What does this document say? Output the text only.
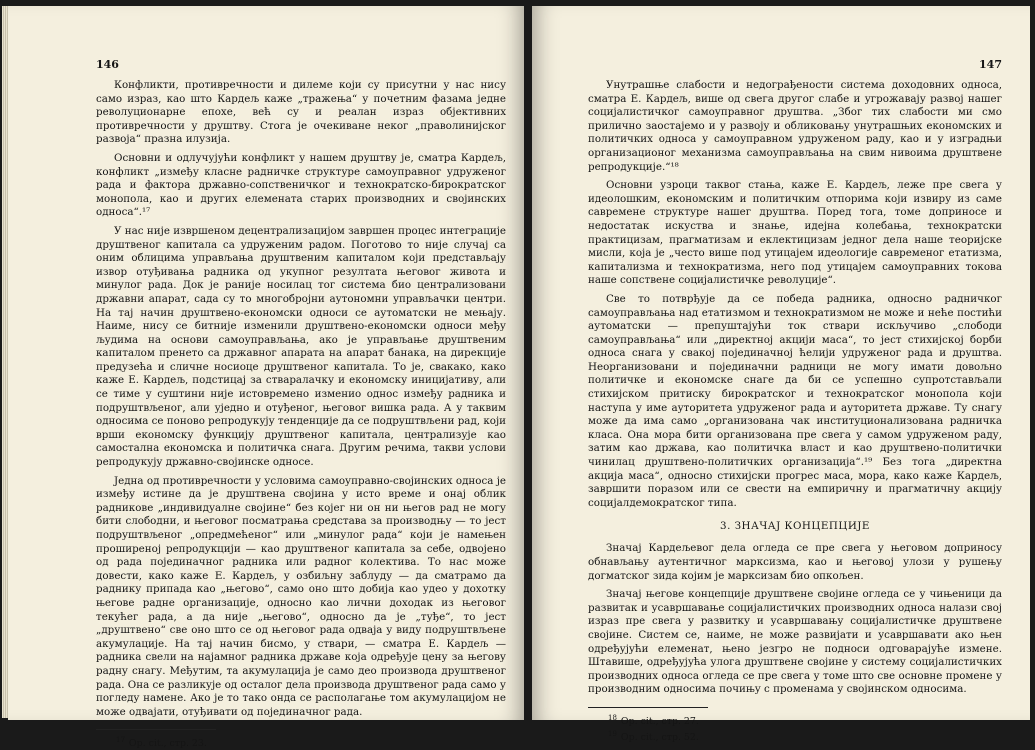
146

Конфликти, противречности и дилеме који су присутни у нас нису само израз, као што Кардељ каже „тражења“ у почетним фазама једне револуционарне епохе, већ су и реалан израз објективних противречности у друштву. Стога је очекиване неког „праволинијског развоја“ празна илузија.

Основни и одлучујући конфликт у нашем друштву је, сматра Кардељ, конфликт „између класне радничке структуре самоуправног удруженог рада и фактора државно-сопственичког и технократско-бирократског монопола, као и других елемената старих производних и својинских односа“.¹⁷

У нас није извршеном децентрализацијом завршен процес интеграције друштвеног капитала са удруженим радом. Поготово то није случај са оним облицима управљања друштвеним капиталом који представљају извор отуђивања радника од укупног резултата његовог живота и минулог рада. Док је раније носилац тог система био централизовани државни апарат, сада су то многобројни аутономни управљачки центри. На тај начин друштвено-економски односи се аутоматски не мењају. Наиме, нису се битније изменили друштвено-економски односи међу људима на основи самоуправљања, ако је управљање друштвеним капиталом пренето са државног апарата на апарат банака, на дирекције предузећа и сличне носиоце друштвеног капитала. То је, свакако, како каже Е. Кардељ, подстицај за стваралачку и економску иницијативу, али се тиме у суштини није истовремено изменио однос између радника и подруштвљеног, али уједно и отуђеног, његовог вишка рада. А у таквим односима се поново репродукују тенденције да се подруштвљени рад, који врши економску функцију друштвеног капитала, централизује као самостална економска и политичка снага. Другим речима, такви услови репродукују државно-својинске односе.

Једна од противречности у условима самоуправно-својинских односа је између истине да је друштвена својина у исто време и онај облик радниковe „индивидуалне својине“ без којег ни он ни његов рад не могу бити слободни, и његовог посматрања средстава за производњу — то јест подруштвљеног „опредмећеног“ или „минулог рада“ који је намењен проширеној репродукцији — као друштвеног капитала за себе, одвојено од рада појединачног радника или радног колектива. То нас може довести, како каже Е. Кардељ, у озбиљну заблуду — да сматрамо да раднику припада као „његово“, само оно што добија као удео у дохотку његове радне организације, односно као лични доходак из његовог текућег рада, а да није „његово“, односно да је „туђе“, то јест „друштвено“ све оно што се од његовог рада одваја у виду подруштвљене акумулације. На тај начин бисмо, у ствари, — сматра Е. Кардељ — радника свели на најамног радника државе која одређује цену за његову радну снагу. Међутим, та акумулација је само део производа друштвеног рада. Она се разликује од осталог дела производа друштвеног рада само у погледу намене. Ако је то тако онда се располагање том акумулацијом не може одвајати, отуђивати од појединачног рада.

$^{17}$ Op. cit., стр. 23.

147

Унутрашње слабости и недограђености система доходовних односа, сматра Е. Кардељ, више од свега другог слабе и угрожавају развој нашег социјалистичког самоуправног друштва. „Због тих слабости ми смо прилично заостајемо и у развоју и обликовању унутрашњих економских и политичких односа у самоуправном удруженом раду, као и у изградњи организационог механизма самоуправљања на свим нивоима друштвене репродукције.“¹⁸

Основни узроци таквог стања, каже Е. Кардељ, леже пре свега у идеолошким, економским и политичким отпорима који извиру из саме савремене структуре нашег друштва. Поред тога, томе доприносе и недостатак искуства и знање, идејна колебања, технократски практицизам, прагматизам и еклектицизам једног дела наше теоријске мисли, која је „често више под утицајем идеологије савременог етатизма, капитализма и технократизма, него под утицајем самоуправних токова наше сопствене социјалистичке револуције“.

Све то потврђује да се победа радника, односно радничког самоуправљања над етатизмом и технократизмом не може и неће постићи аутоматски — препуштајући ток ствари искључиво „слободи самоуправљања“ или „директној акцији маса“, то јест стихијској борби односа снага у свакој појединачној ћелији удруженог рада и друштва. Неорганизовани и појединачни радници не могу имати довољно политичке и економске снаге да би се успешно супротстављали стихијском притиску бирократског и технократског монопола који наступа у име ауторитета удруженог рада и ауторитета државе. Ту снагу може да има само „организована чак институционализована радничка класа. Она мора бити организована пре свега у самом удруженом раду, затим као држава, као политичка власт и као друштвено-политички чинилац друштвено-политичких организација“.¹⁹ Без тога „директна акција маса“, односно стихијски прогрес маса, мора, како каже Кардељ, завршити поразом или се свести на емпиричну и прагматичну акцију социјалдемократског типа.

3. ЗНАЧАЈ КОНЦЕПЦИЈЕ

Значај Кардељевог дела огледа се пре свега у његовом доприносу обнављању аутентичног марксизма, као и његовoj улози у рушењу догматског зида којим је марксизам био опкољен.

Значај његове концепције друштвене својине огледа се у чињеници да развитак и усавршавање социјалистичких производних односа налази свој израз пре свега у развитку и усавршавању социјалистичке друштвене својине. Систем се, наиме, не може развијати и усавршавати ако њен одређујући елеменат, њено језгро не подноси одговарајуће измене. Штавише, одређујућа улога друштвене својине у систему социјалистичких производних односа огледа се пре свега у томе што све основне промене у производним односима почињу с променама у својинском односима.

$^{18}$ Op. cit., стр. 27.

$^{19}$ Op. cit., стр. 52.
